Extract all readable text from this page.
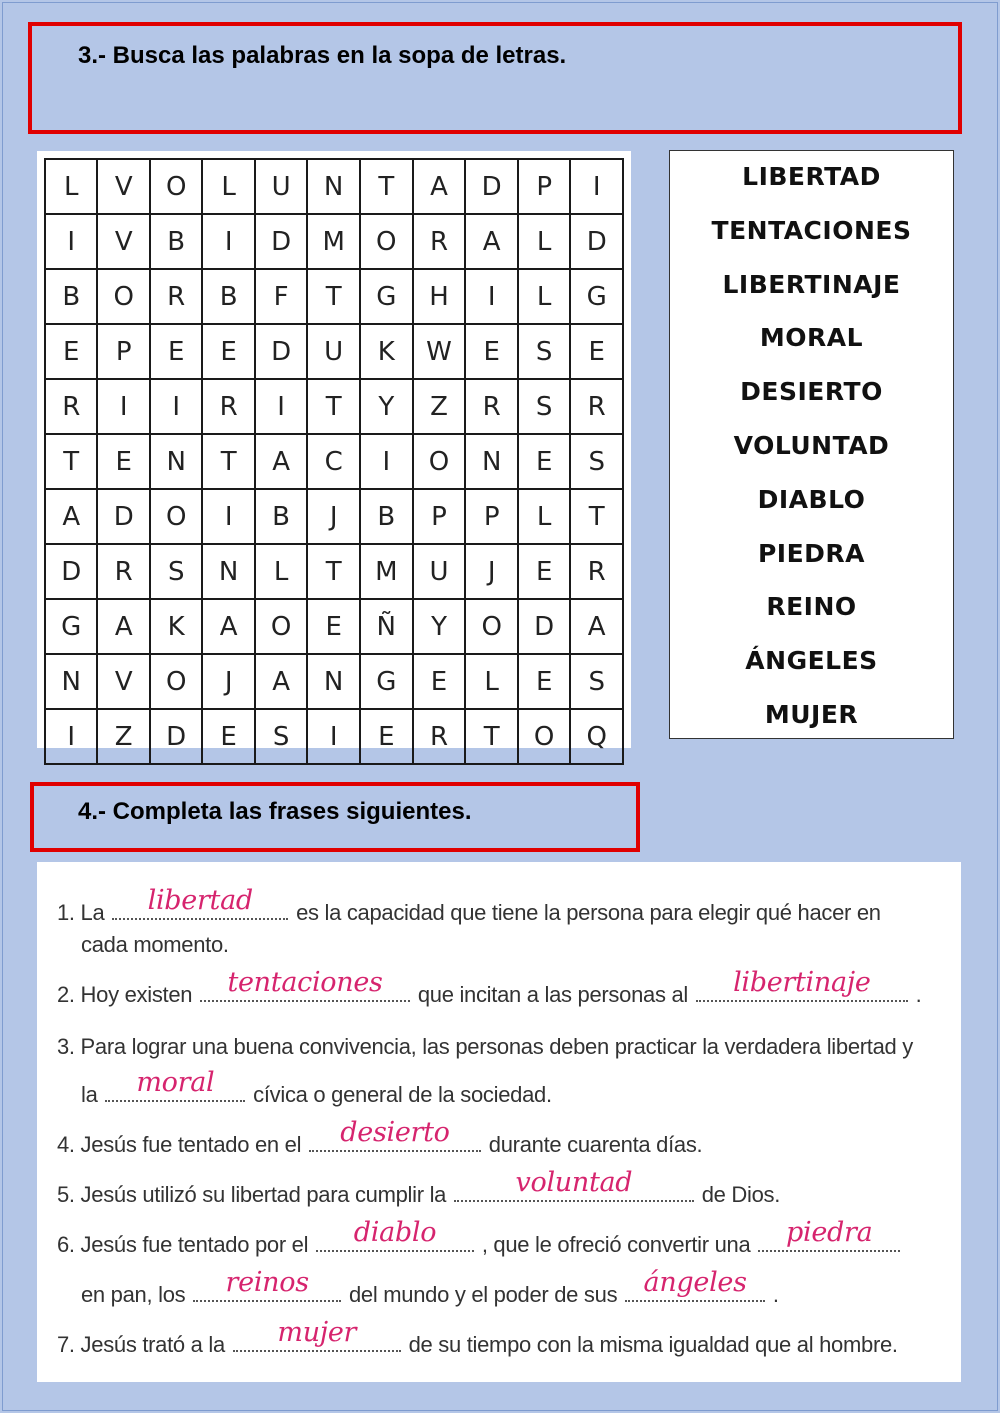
3.- Busca las palabras en la sopa de letras.
L	V	O	L	U	N	T	A	D	P	I
I	V	B	I	D	M	O	R	A	L	D
B	O	R	B	F	T	G	H	I	L	G
E	P	E	E	D	U	K	W	E	S	E
R	I	I	R	I	T	Y	Z	R	S	R
T	E	N	T	A	C	I	O	N	E	S
A	D	O	I	B	J	B	P	P	L	T
D	R	S	N	L	T	M	U	J	E	R
G	A	K	A	O	E	Ñ	Y	O	D	A
N	V	O	J	A	N	G	E	L	E	S
I	Z	D	E	S	I	E	R	T	O	Q
LIBERTAD
TENTACIONES
LIBERTINAJE
MORAL
DESIERTO
VOLUNTAD
DIABLO
PIEDRA
REINO
ÁNGELES
MUJER
4.- Completa las frases siguientes.
1. La	libertad	es la capacidad que tiene la persona para elegir qué hacer en
cada momento.
2. Hoy existen	tentaciones	que incitan a las personas al	libertinaje	.
3. Para lograr una buena convivencia, las personas deben practicar la verdadera libertad y
la	moral	cívica o general de la sociedad.
4. Jesús fue tentado en el	desierto	durante cuarenta días.
5. Jesús utilizó su libertad para cumplir la	voluntad	de Dios.
6. Jesús fue tentado por el	diablo	, que le ofreció convertir una	piedra
en pan, los	reinos	del mundo y el poder de sus ángeles	.
7. Jesús trató a la	mujer	de su tiempo con la misma igualdad que al hombre.
